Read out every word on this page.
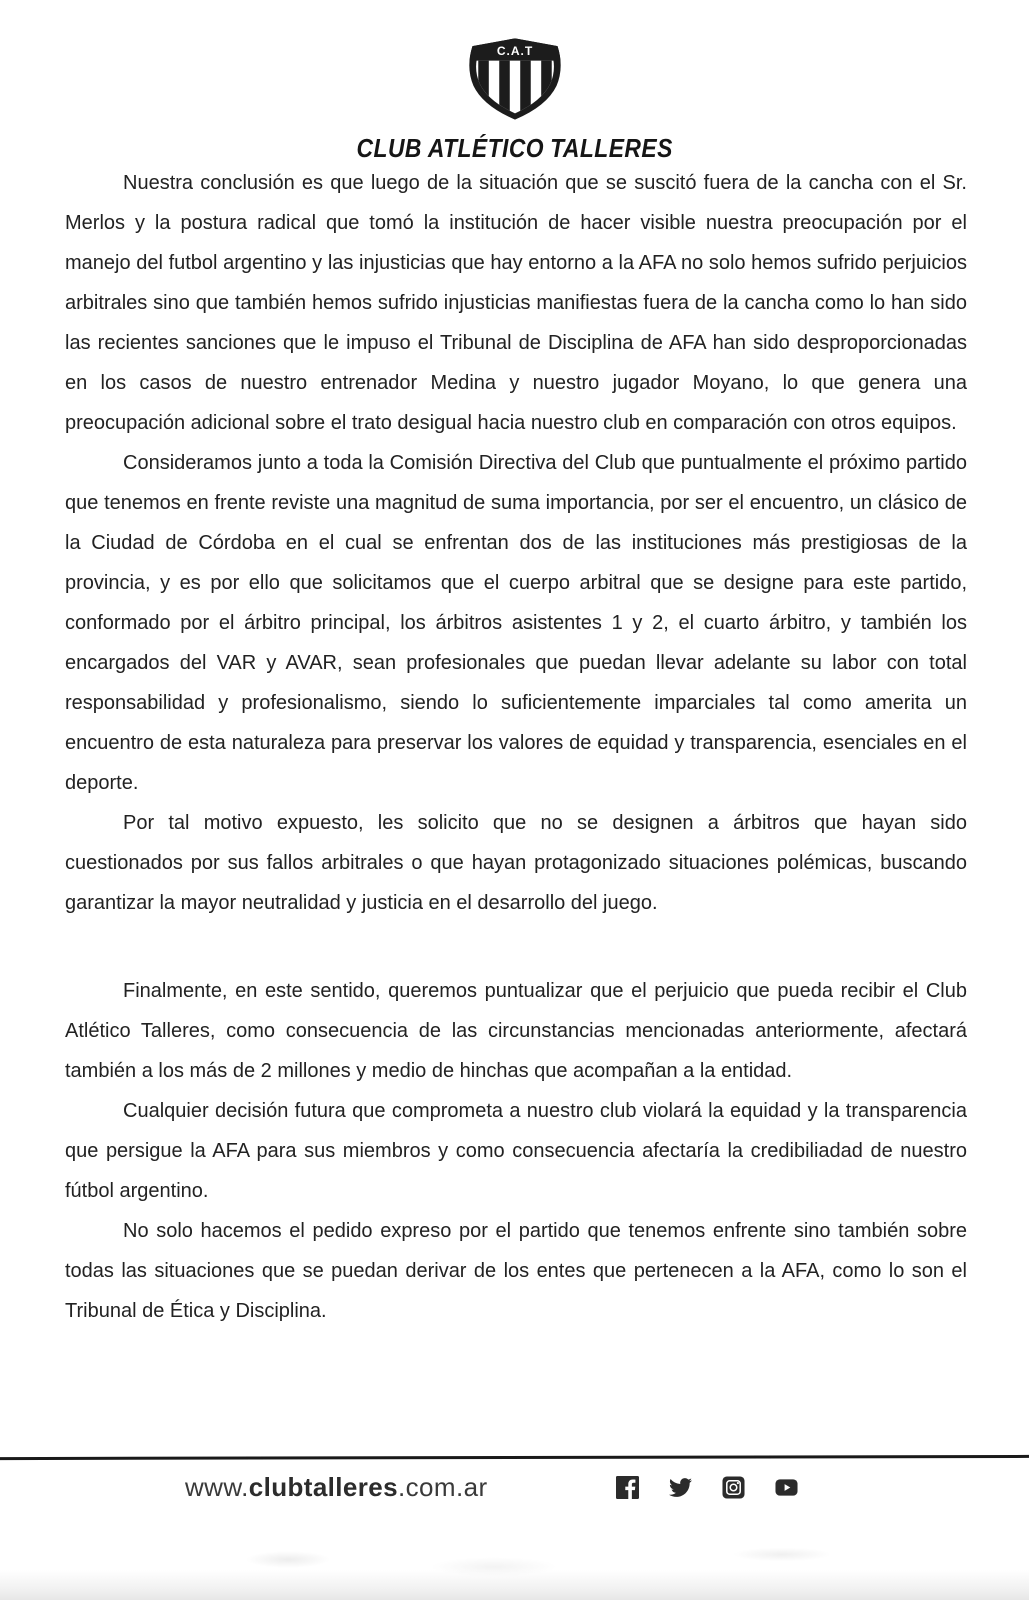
C.A.T
CLUB ATLÉTICO TALLERES

Nuestra conclusión es que luego de la situación que se suscitó fuera de la cancha con el Sr. Merlos y la postura radical que tomó la institución de hacer visible nuestra preocupación por el manejo del futbol argentino y las injusticias que hay entorno a la AFA no solo hemos sufrido perjuicios arbitrales sino que también hemos sufrido injusticias manifiestas fuera de la cancha como lo han sido las recientes sanciones que le impuso el Tribunal de Disciplina de AFA han sido desproporcionadas en los casos de nuestro entrenador Medina y nuestro jugador Moyano, lo que genera una preocupación adicional sobre el trato desigual hacia nuestro club en comparación con otros equipos.

Consideramos junto a toda la Comisión Directiva del Club que puntualmente el próximo partido que tenemos en frente reviste una magnitud de suma importancia, por ser el encuentro, un clásico de la Ciudad de Córdoba en el cual se enfrentan dos de las instituciones más prestigiosas de la provincia, y es por ello que solicitamos que el cuerpo arbitral que se designe para este partido, conformado por el árbitro principal, los árbitros asistentes 1 y 2, el cuarto árbitro, y también los encargados del VAR y AVAR, sean profesionales que puedan llevar adelante su labor con total responsabilidad y profesionalismo, siendo lo suficientemente imparciales tal como amerita un encuentro de esta naturaleza para preservar los valores de equidad y transparencia, esenciales en el deporte.

Por tal motivo expuesto, les solicito que no se designen a árbitros que hayan sido cuestionados por sus fallos arbitrales o que hayan protagonizado situaciones polémicas, buscando garantizar la mayor neutralidad y justicia en el desarrollo del juego.

Finalmente, en este sentido, queremos puntualizar que el perjuicio que pueda recibir el Club Atlético Talleres, como consecuencia de las circunstancias mencionadas anteriormente, afectará también a los más de 2 millones y medio de hinchas que acompañan a la entidad.

Cualquier decisión futura que comprometa a nuestro club violará la equidad y la transparencia que persigue la AFA para sus miembros y como consecuencia afectaría la credibiliadad de nuestro fútbol argentino.

No solo hacemos el pedido expreso por el partido que tenemos enfrente sino también sobre todas las situaciones que se puedan derivar de los entes que pertenecen a la AFA, como lo son el Tribunal de Ética y Disciplina.

www.clubtalleres.com.ar
